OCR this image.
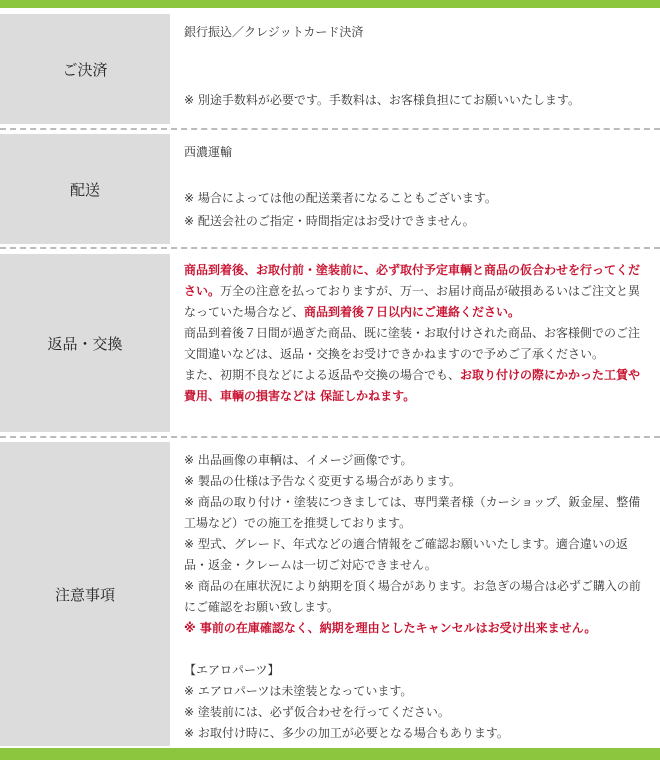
ご決済
銀行振込／クレジットカード決済
※ 別途手数料が必要です。手数料は、お客様負担にてお願いいたします。
配送
西濃運輸
※ 場合によっては他の配送業者になることもございます。
※ 配送会社のご指定・時間指定はお受けできません。
返品・交換

商品到着後、お取付前・塗装前に、必ず取付予定車輌と商品の仮合わせを行ってください。万全の注意を払っておりますが、万一、お届け商品が破損あるいはご注文と異なっていた場合など、商品到着後７日以内にご連絡ください。

商品到着後７日間が過ぎた商品、既に塗装・お取付けされた商品、お客様側でのご注文間違いなどは、返品・交換をお受けできかねますので予めご了承ください。

また、初期不良などによる返品や交換の場合でも、お取り付けの際にかかった工賃や費用、車輌の損害などは 保証しかねます。

注意事項

※ 出品画像の車輌は、イメージ画像です。

※ 製品の仕様は予告なく変更する場合があります。

※ 商品の取り付け・塗装につきましては、専門業者様（カーショップ、鈑金屋、整備工場など）での施工を推奨しております。

※ 型式、グレード、年式などの適合情報をご確認お願いいたします。適合違いの返品・返金・クレームは一切ご対応できません。

※ 商品の在庫状況により納期を頂く場合があります。お急ぎの場合は必ずご購入の前にご確認をお願い致します。

※ 事前の在庫確認なく、納期を理由としたキャンセルはお受け出来ません。

【エアロパーツ】

※ エアロパーツは未塗装となっています。

※ 塗装前には、必ず仮合わせを行ってください。

※ お取付け時に、多少の加工が必要となる場合もあります。
